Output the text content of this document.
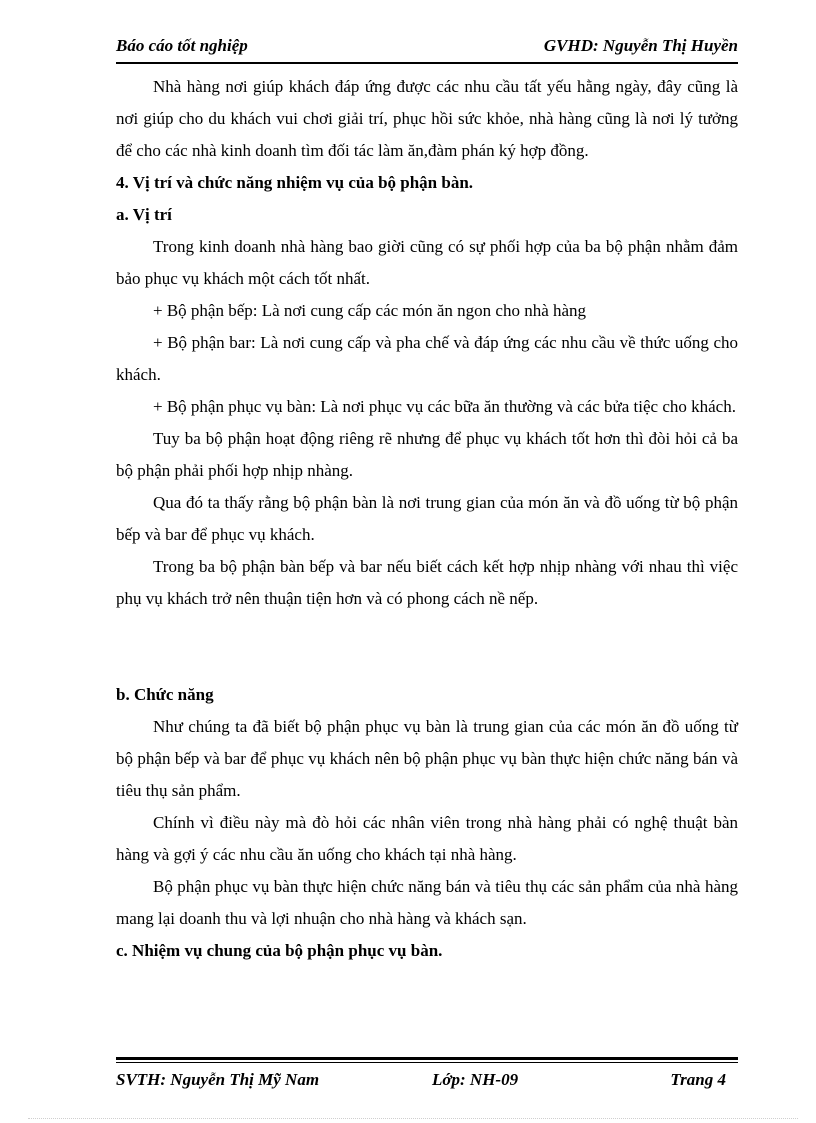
Báo cáo tốt nghiệp	GVHD: Nguyễn Thị Huyền

Nhà hàng nơi giúp khách đáp ứng được các nhu cầu tất yếu hằng ngày, đây cũng là nơi giúp cho du khách vui chơi giải trí, phục hồi sức khỏe, nhà hàng cũng là nơi lý tưởng để cho các nhà kinh doanh tìm đối tác làm ăn,đàm phán ký hợp đồng.

4. Vị trí và chức năng nhiệm vụ của bộ phận bàn.

a. Vị trí

Trong kinh doanh nhà hàng bao giời cũng có sự phối hợp của ba bộ phận nhằm đảm bảo phục vụ khách một cách tốt nhất.

+ Bộ phận bếp: Là nơi cung cấp các món ăn ngon cho nhà hàng

+ Bộ phận bar: Là nơi cung cấp và pha chế và đáp ứng các nhu cầu về thức uống cho khách.

+ Bộ phận phục vụ bàn: Là nơi phục vụ các bữa ăn thường và các bửa tiệc cho khách.

Tuy ba bộ phận hoạt động riêng rẽ nhưng để phục vụ khách tốt hơn thì đòi hỏi cả ba bộ phận phải phối hợp nhịp nhàng.

Qua đó ta thấy rằng bộ phận bàn là nơi trung gian của món ăn và đồ uống từ bộ phận bếp và bar để phục vụ khách.

Trong ba bộ phận bàn bếp và bar nếu biết cách kết hợp nhịp nhàng với nhau thì việc phụ vụ khách trở nên thuận tiện hơn và có phong cách nề nếp.

b. Chức năng

Như chúng ta đã biết bộ phận phục vụ bàn là trung gian của các món ăn đồ uống từ bộ phận bếp và bar để phục vụ khách nên bộ phận phục vụ bàn thực hiện chức năng bán và tiêu thụ sản phẩm.

Chính vì điều này mà đò hỏi các nhân viên trong nhà hàng phải có nghệ thuật bàn hàng và gợi ý các nhu cầu ăn uống cho khách tại nhà hàng.

Bộ phận phục vụ bàn thực hiện chức năng bán và tiêu thụ các sản phẩm của nhà hàng mang lại doanh thu và lợi nhuận cho nhà hàng và khách sạn.

c. Nhiệm vụ chung của bộ phận phục vụ bàn.

SVTH: Nguyễn Thị Mỹ Nam	Lớp: NH-09	Trang 4
